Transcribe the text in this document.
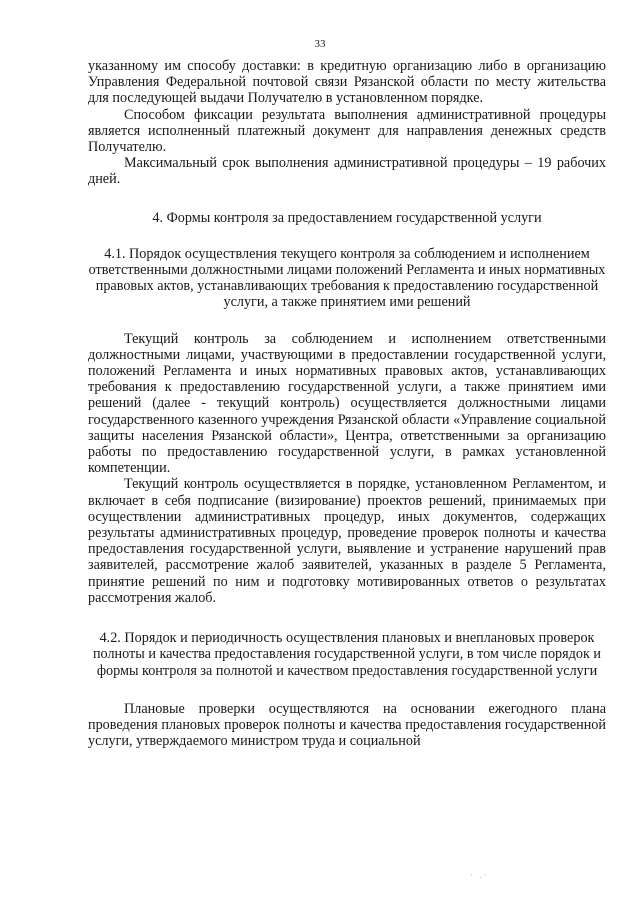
33

указанному им способу доставки: в кредитную организацию либо в организацию Управления Федеральной почтовой связи Рязанской области по месту жительства для последующей выдачи Получателю в установленном порядке.

Способом фиксации результата выполнения административной процедуры является исполненный платежный документ для направления денежных средств Получателю.

Максимальный срок выполнения административной процедуры – 19 рабочих дней.

4. Формы контроля за предоставлением государственной услуги

4.1. Порядок осуществления текущего контроля за соблюдением и исполнением ответственными должностными лицами положений Регламента и иных нормативных правовых актов, устанавливающих требования к предоставлению государственной услуги, а также принятием ими решений

Текущий контроль за соблюдением и исполнением ответственными должностными лицами, участвующими в предоставлении государственной услуги, положений Регламента и иных нормативных правовых актов, устанавливающих требования к предоставлению государственной услуги, а также принятием ими решений (далее - текущий контроль) осуществляется должностными лицами государственного казенного учреждения Рязанской области «Управление социальной защиты населения Рязанской области», Центра, ответственными за организацию работы по предоставлению государственной услуги, в рамках установленной компетенции.

Текущий контроль осуществляется в порядке, установленном Регламентом, и включает в себя подписание (визирование) проектов решений, принимаемых при осуществлении административных процедур, иных документов, содержащих результаты административных процедур, проведение проверок полноты и качества предоставления государственной услуги, выявление и устранение нарушений прав заявителей, рассмотрение жалоб заявителей, указанных в разделе 5 Регламента, принятие решений по ним и подготовку мотивированных ответов о результатах рассмотрения жалоб.

4.2. Порядок и периодичность осуществления плановых и внеплановых проверок полноты и качества предоставления государственной услуги, в том числе порядок и формы контроля за полнотой и качеством предоставления государственной услуги

Плановые проверки осуществляются на основании ежегодного плана проведения плановых проверок полноты и качества предоставления государственной услуги, утверждаемого министром труда и социальной

· .·
